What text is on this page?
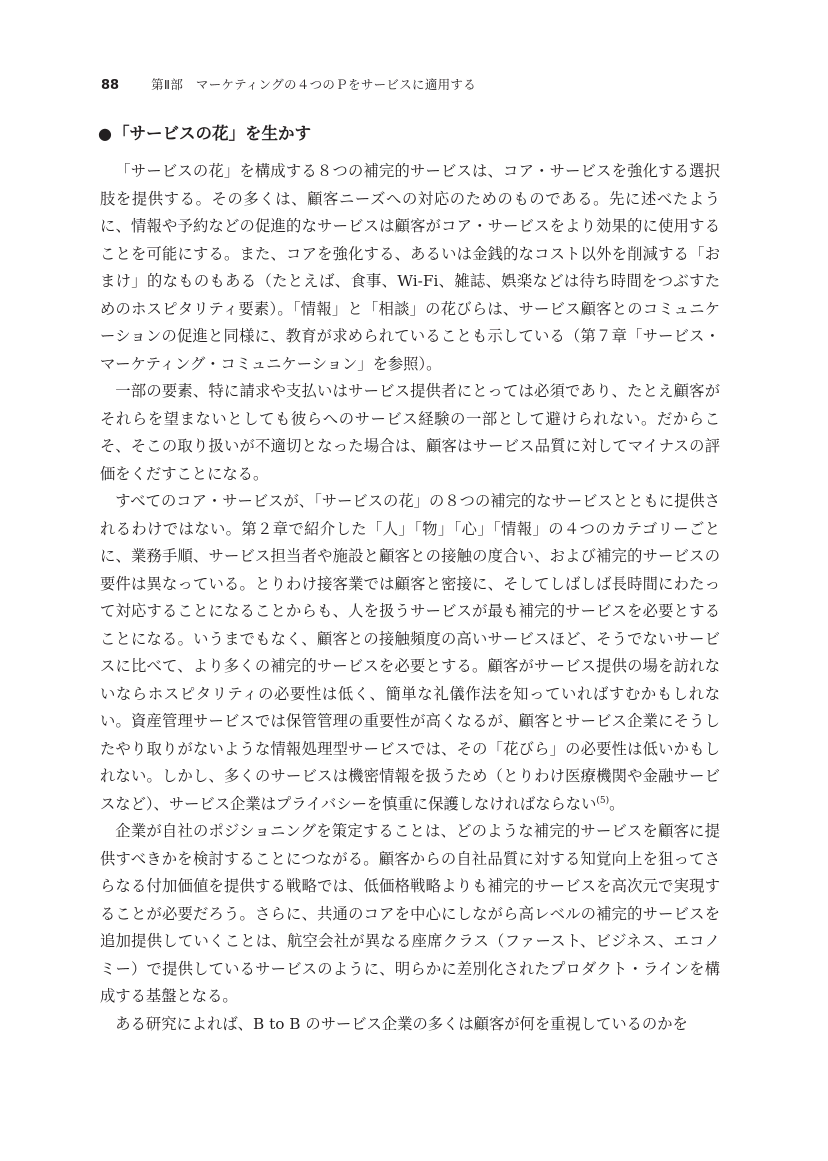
88	第Ⅱ部　マーケティングの４つのＰをサービスに適用する
●「サービスの花」を生かす

「サービスの花」を構成する８つの補完的サービスは、コア・サービスを強化する選択肢を提供する。その多くは、顧客ニーズへの対応のためのものである。先に述べたように、情報や予約などの促進的なサービスは顧客がコア・サービスをより効果的に使用することを可能にする。また、コアを強化する、あるいは金銭的なコスト以外を削減する「おまけ」的なものもある（たとえば、食事、Wi-Fi、雑誌、娯楽などは待ち時間をつぶすためのホスピタリティ要素）。「情報」と「相談」の花びらは、サービス顧客とのコミュニケーションの促進と同様に、教育が求められていることも示している（第７章「サービス・マーケティング・コミュニケーション」を参照）。

一部の要素、特に請求や支払いはサービス提供者にとっては必須であり、たとえ顧客がそれらを望まないとしても彼らへのサービス経験の一部として避けられない。だからこそ、そこの取り扱いが不適切となった場合は、顧客はサービス品質に対してマイナスの評価をくだすことになる。

すべてのコア・サービスが、「サービスの花」の８つの補完的なサービスとともに提供されるわけではない。第２章で紹介した「人」「物」「心」「情報」の４つのカテゴリーごとに、業務手順、サービス担当者や施設と顧客との接触の度合い、および補完的サービスの要件は異なっている。とりわけ接客業では顧客と密接に、そしてしばしば長時間にわたって対応することになることからも、人を扱うサービスが最も補完的サービスを必要とすることになる。いうまでもなく、顧客との接触頻度の高いサービスほど、そうでないサービスに比べて、より多くの補完的サービスを必要とする。顧客がサービス提供の場を訪れないならホスピタリティの必要性は低く、簡単な礼儀作法を知っていればすむかもしれない。資産管理サービスでは保管管理の重要性が高くなるが、顧客とサービス企業にそうしたやり取りがないような情報処理型サービスでは、その「花びら」の必要性は低いかもしれない。しかし、多くのサービスは機密情報を扱うため（とりわけ医療機関や金融サービスなど）、サービス企業はプライバシーを慎重に保護しなければならない$^{(5)}$。

企業が自社のポジショニングを策定することは、どのような補完的サービスを顧客に提供すべきかを検討することにつながる。顧客からの自社品質に対する知覚向上を狙ってさらなる付加価値を提供する戦略では、低価格戦略よりも補完的サービスを高次元で実現することが必要だろう。さらに、共通のコアを中心にしながら高レベルの補完的サービスを追加提供していくことは、航空会社が異なる座席クラス（ファースト、ビジネス、エコノミー）で提供しているサービスのように、明らかに差別化されたプロダクト・ラインを構成する基盤となる。

ある研究によれば、B to B のサービス企業の多くは顧客が何を重視しているのかを
